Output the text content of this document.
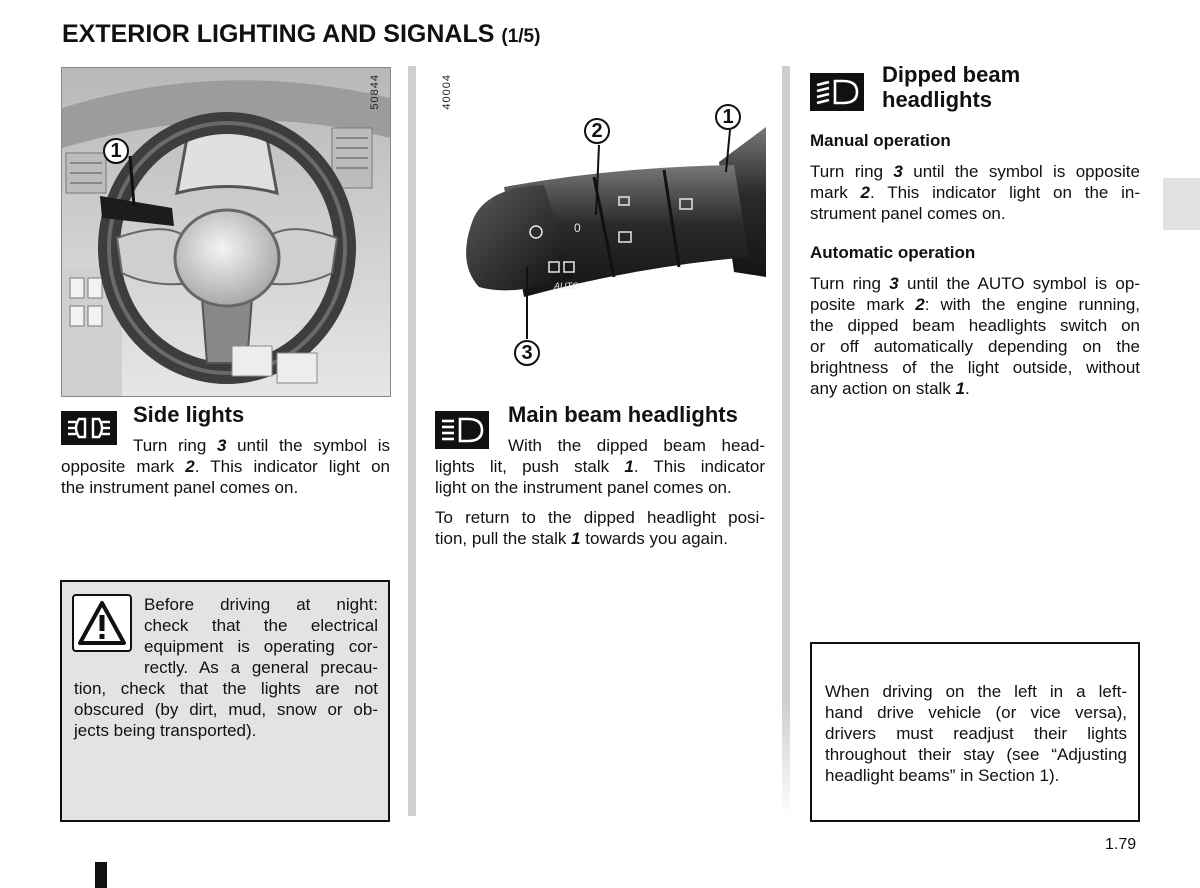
EXTERIOR LIGHTING AND SIGNALS (1/5)
50844
1
0
AUTO
40004
2
1
3
Side lights

Turn ring 3 until the symbol is

opposite mark 2. This indicator light on

the instrument panel comes on.

Before driving at night:

check that the electrical

equipment is operating cor-

rectly. As a general precau-

tion, check that the lights are not

obscured (by dirt, mud, snow or ob-

jects being transported).

Main beam headlights

With the dipped beam head-

lights lit, push stalk 1. This indicator

light on the instrument panel comes on.

To return to the dipped headlight posi-

tion, pull the stalk 1 towards you again.

Dipped beam
headlights
Manual operation

Turn ring 3 until the symbol is opposite

mark 2. This indicator light on the in-

strument panel comes on.

Automatic operation

Turn ring 3 until the AUTO symbol is op-

posite mark 2: with the engine running,

the dipped beam headlights switch on

or off automatically depending on the

brightness of the light outside, without

any action on stalk 1.

When driving on the left in a left-

hand drive vehicle (or vice versa),

drivers must readjust their lights

throughout their stay (see “Adjusting

headlight beams” in Section 1).

1.79
